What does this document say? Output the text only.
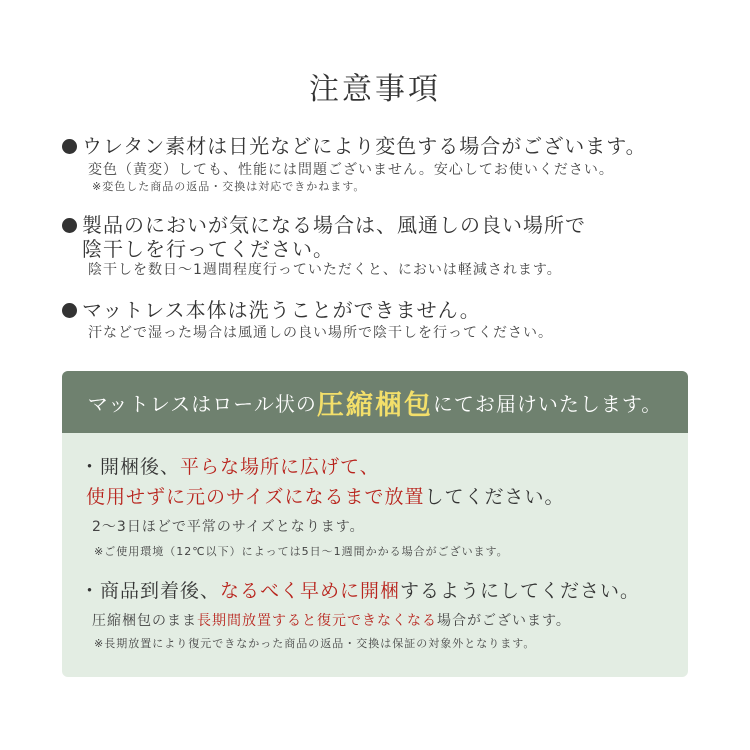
注意事項
ウレタン素材は日光などにより変色する場合がございます。
変色（黄変）しても、性能には問題ございません。安心してお使いください。
※変色した商品の返品・交換は対応できかねます。
製品のにおいが気になる場合は、風通しの良い場所で
陰干しを行ってください。
陰干しを数日〜1週間程度行っていただくと、においは軽減されます。
マットレス本体は洗うことができません。
汗などで湿った場合は風通しの良い場所で陰干しを行ってください。
マットレスはロール状の 圧縮梱包 にてお届けいたします。
・開梱後、平らな場所に広げて、
使用せずに元のサイズになるまで放置してください。
2〜3日ほどで平常のサイズとなります。
※ご使用環境（12℃以下）によっては5日〜1週間かかる場合がございます。
・商品到着後、なるべく早めに開梱するようにしてください。
圧縮梱包のまま長期間放置すると復元できなくなる場合がございます。
※長期放置により復元できなかった商品の返品・交換は保証の対象外となります。
